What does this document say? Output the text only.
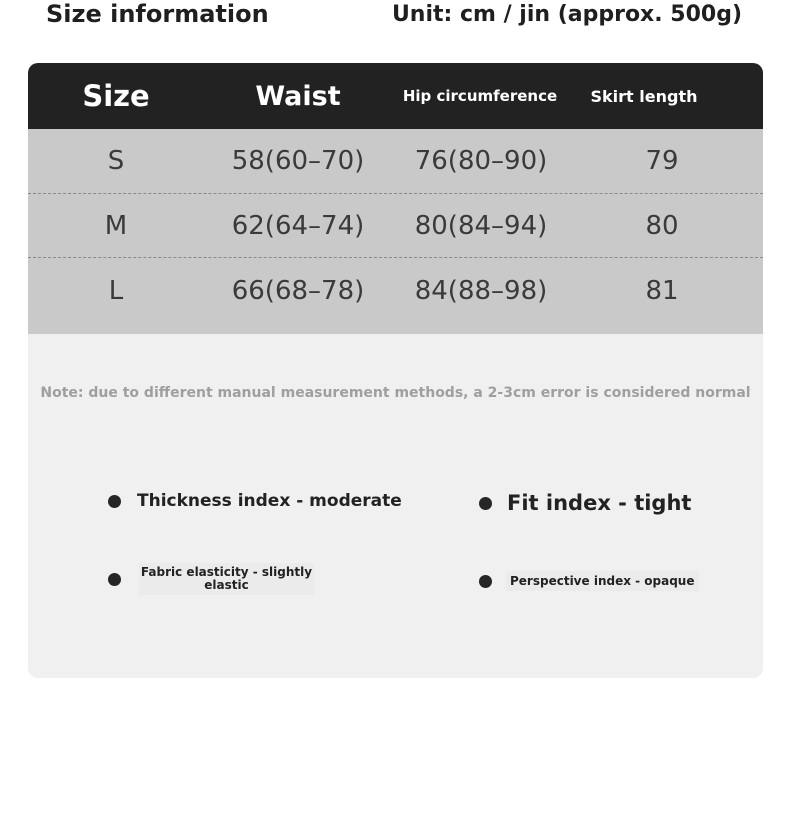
Size information	Unit: cm / jin (approx. 500g)
Size	Waist	Hip circumference	Skirt length
S	58(60–70)	76(80–90)	79
M	62(64–74)	80(84–94)	80
L	66(68–78)	84(88–98)	81
Note: due to different manual measurement methods, a 2-3cm error is considered normal
Thickness index - moderate	Fit index - tight
Fabric elasticity - slightly elastic	Perspective index - opaque
